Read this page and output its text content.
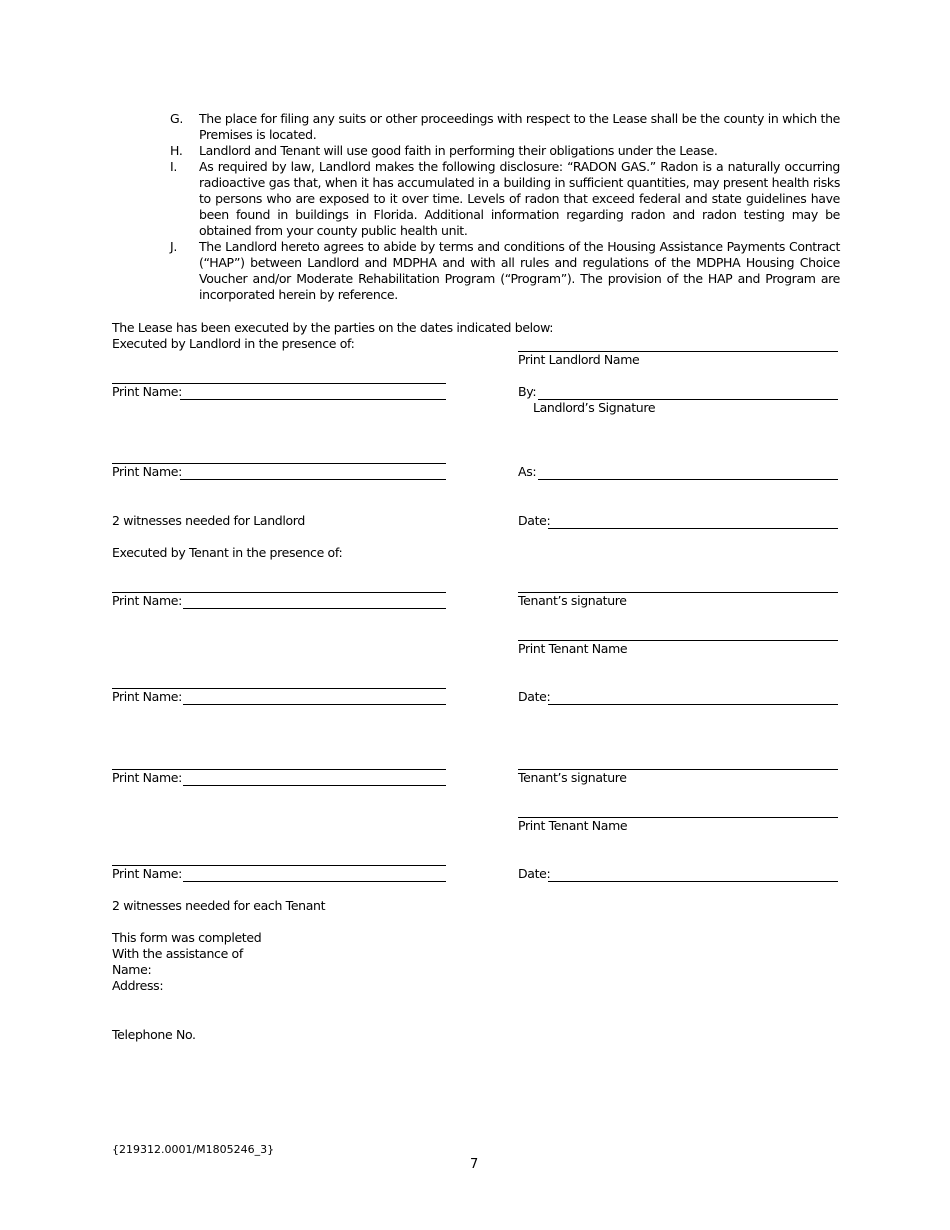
G. The place for filing any suits or other proceedings with respect to the Lease shall be the county in which the Premises is located.
H. Landlord and Tenant will use good faith in performing their obligations under the Lease.
I. As required by law, Landlord makes the following disclosure: “RADON GAS.” Radon is a naturally occurring radioactive gas that, when it has accumulated in a building in sufficient quantities, may present health risks to persons who are exposed to it over time. Levels of radon that exceed federal and state guidelines have been found in buildings in Florida. Additional information regarding radon and radon testing may be obtained from your county public health unit.
J. The Landlord hereto agrees to abide by terms and conditions of the Housing Assistance Payments Contract (“HAP”) between Landlord and MDPHA and with all rules and regulations of the MDPHA Housing Choice Voucher and/or Moderate Rehabilitation Program (“Program”). The provision of the HAP and Program are incorporated herein by reference.
The Lease has been executed by the parties on the dates indicated below:
Executed by Landlord in the presence of:
Print Landlord Name
Print Name:	By:
Landlord’s Signature
Print Name:	As:
2 witnesses needed for Landlord	Date:
Executed by Tenant in the presence of:
Print Name:	Tenant’s signature
Print Tenant Name
Print Name:	Date:
Print Name:	Tenant’s signature
Print Tenant Name
Print Name:	Date:
2 witnesses needed for each Tenant
This form was completed
With the assistance of
Name:
Address:
Telephone No.
{219312.0001/M1805246_3}
7
